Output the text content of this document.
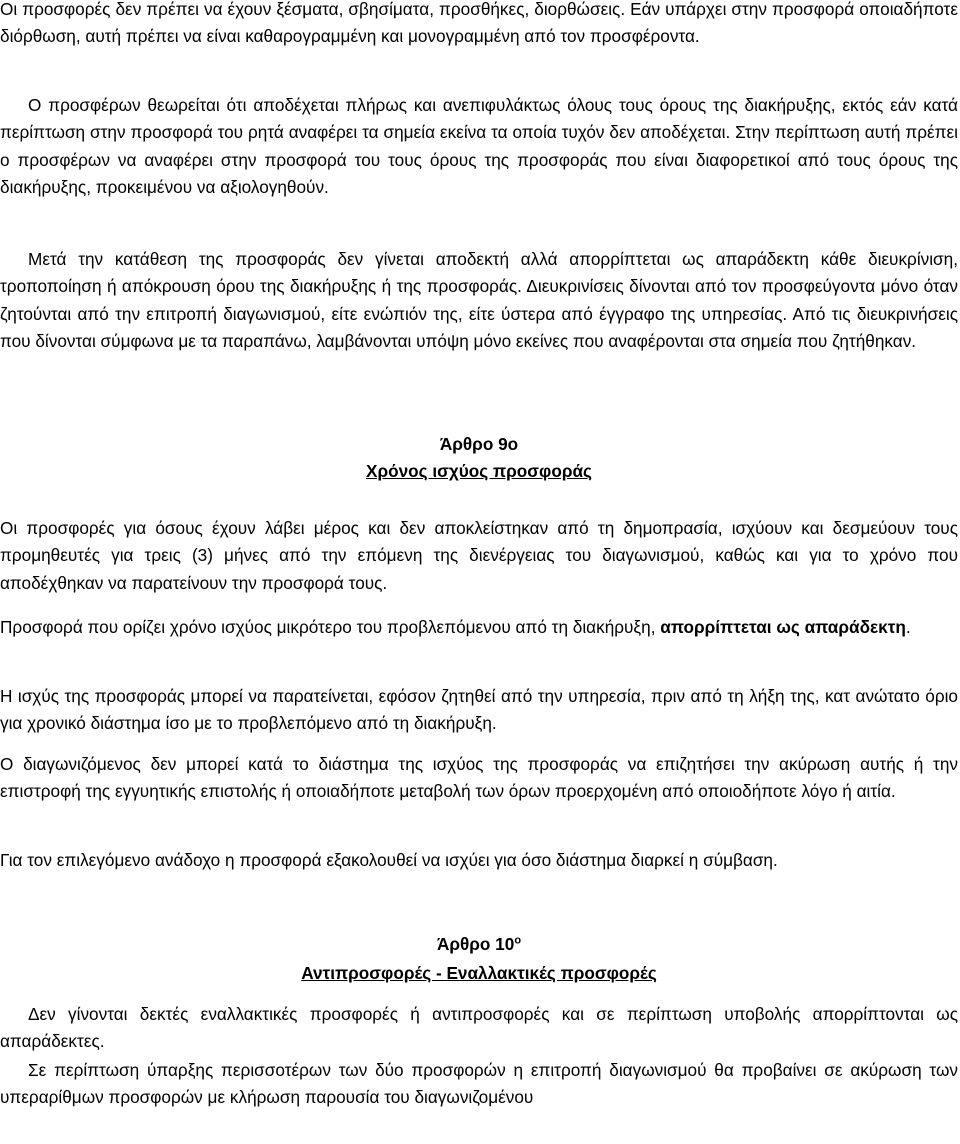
Οι προσφορές δεν πρέπει να έχουν ξέσματα, σβησίματα, προσθήκες, διορθώσεις. Εάν υπάρχει στην προσφορά οποιαδήποτε διόρθωση, αυτή πρέπει να είναι καθαρογραμμένη και μονογραμμένη από τον προσφέροντα.

Ο προσφέρων θεωρείται ότι αποδέχεται πλήρως και ανεπιφυλάκτως όλους τους όρους της διακήρυξης, εκτός εάν κατά περίπτωση στην προσφορά του ρητά αναφέρει τα σημεία εκείνα τα οποία τυχόν δεν αποδέχεται. Στην περίπτωση αυτή πρέπει ο προσφέρων να αναφέρει στην προσφορά του τους όρους της προσφοράς που είναι διαφορετικοί από τους όρους της διακήρυξης, προκειμένου να αξιολογηθούν.

Μετά την κατάθεση της προσφοράς δεν γίνεται αποδεκτή αλλά απορρίπτεται ως απαράδεκτη κάθε διευκρίνιση, τροποποίηση ή απόκρουση όρου της διακήρυξης ή της προσφοράς. Διευκρινίσεις δίνονται από τον προσφεύγοντα μόνο όταν ζητούνται από την επιτροπή διαγωνισμού, είτε ενώπιόν της, είτε ύστερα από έγγραφο της υπηρεσίας. Από τις διευκρινήσεις που δίνονται σύμφωνα με τα παραπάνω, λαμβάνονται υπόψη μόνο εκείνες που αναφέρονται στα σημεία που ζητήθηκαν.

Άρθρο 9ο
Χρόνος ισχύος προσφοράς

Οι προσφορές για όσους έχουν λάβει μέρος και δεν αποκλείστηκαν από τη δημοπρασία, ισχύουν και δεσμεύουν τους προμηθευτές για τρεις (3) μήνες από την επόμενη της διενέργειας του διαγωνισμού, καθώς και για το χρόνο που αποδέχθηκαν να παρατείνουν την προσφορά τους.

Προσφορά που ορίζει χρόνο ισχύος μικρότερο του προβλεπόμενου από τη διακήρυξη, απορρίπτεται ως απαράδεκτη.

Η ισχύς της προσφοράς μπορεί να παρατείνεται, εφόσον ζητηθεί από την υπηρεσία, πριν από τη λήξη της, κατ ανώτατο όριο για χρονικό διάστημα ίσο με το προβλεπόμενο από τη διακήρυξη.

Ο διαγωνιζόμενος δεν μπορεί κατά το διάστημα της ισχύος της προσφοράς να επιζητήσει την ακύρωση αυτής ή την επιστροφή της εγγυητικής επιστολής ή οποιαδήποτε μεταβολή των όρων προερχομένη από οποιοδήποτε λόγο ή αιτία.

Για τον επιλεγόμενο ανάδοχο η προσφορά εξακολουθεί να ισχύει για όσο διάστημα διαρκεί η σύμβαση.

Άρθρο $10^o$
Αντιπροσφορές - Εναλλακτικές προσφορές

Δεν γίνονται δεκτές εναλλακτικές προσφορές ή αντιπροσφορές και σε περίπτωση υποβολής απορρίπτονται ως απαράδεκτες.

Σε περίπτωση ύπαρξης περισσοτέρων των δύο προσφορών η επιτροπή διαγωνισμού θα προβαίνει σε ακύρωση των υπεραρίθμων προσφορών με κλήρωση παρουσία του διαγωνιζομένου
